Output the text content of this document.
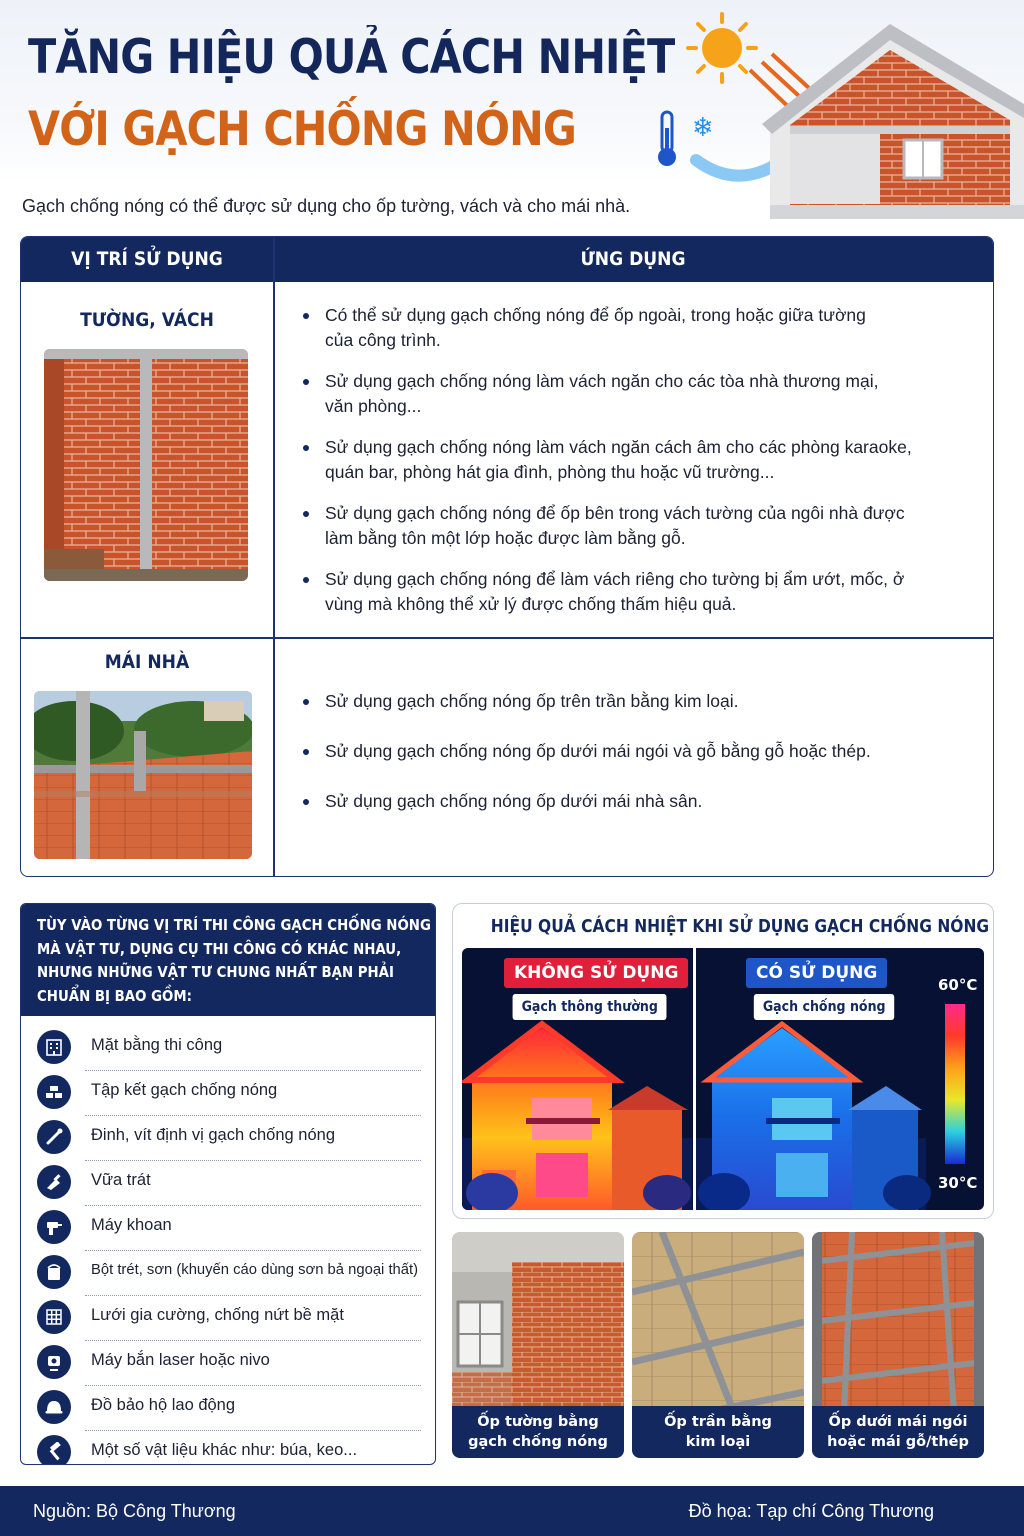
TĂNG HIỆU QUẢ CÁCH NHIỆT
VỚI GẠCH CHỐNG NÓNG	❄
Gạch chống nóng có thể được sử dụng cho ốp tường, vách và cho mái nhà.
VỊ TRÍ SỬ DỤNG	ỨNG DỤNG
TƯỜNG, VÁCH	Có thể sử dụng gạch chống nóng để ốp ngoài, trong hoặc giữa tường
của công trình.
Sử dụng gạch chống nóng làm vách ngăn cho các tòa nhà thương mại,
văn phòng...
Sử dụng gạch chống nóng làm vách ngăn cách âm cho các phòng karaoke,
quán bar, phòng hát gia đình, phòng thu hoặc vũ trường...
Sử dụng gạch chống nóng để ốp bên trong vách tường của ngôi nhà được
làm bằng tôn một lớp hoặc được làm bằng gỗ.
Sử dụng gạch chống nóng để làm vách riêng cho tường bị ẩm ướt, mốc, ở
vùng mà không thể xử lý được chống thấm hiệu quả.
MÁI NHÀ
Sử dụng gạch chống nóng ốp trên trần bằng kim loại.
Sử dụng gạch chống nóng ốp dưới mái ngói và gỗ bằng gỗ hoặc thép.
Sử dụng gạch chống nóng ốp dưới mái nhà sân.
TÙY VÀO TỪNG VỊ TRÍ THI CÔNG GẠCH CHỐNG NÓNG
MÀ VẬT TƯ, DỤNG CỤ THI CÔNG CÓ KHÁC NHAU,
NHƯNG NHỮNG VẬT TƯ CHUNG NHẤT BẠN PHẢI
CHUẨN BỊ BAO GỒM:
Mặt bằng thi công
Tập kết gạch chống nóng
Đinh, vít định vị gạch chống nóng
Vữa trát
Máy khoan
Bột trét, sơn (khuyến cáo dùng sơn bả ngoại thất)
Lưới gia cường, chống nứt bề mặt
Máy bắn laser hoặc nivo
Đồ bảo hộ lao động
Một số vật liệu khác như: búa, keo...
HIỆU QUẢ CÁCH NHIỆT KHI SỬ DỤNG GẠCH CHỐNG NÓNG
KHÔNG SỬ DỤNG
Gạch thông thường
CÓ SỬ DỤNG
Gạch chống nóng
60°C
30°C
Ốp tường bằng
gạch chống nóng
Ốp trần bằng
kim loại
Ốp dưới mái ngói
hoặc mái gỗ/thép
Nguồn: Bộ Công Thương	Đồ họa: Tạp chí Công Thương
